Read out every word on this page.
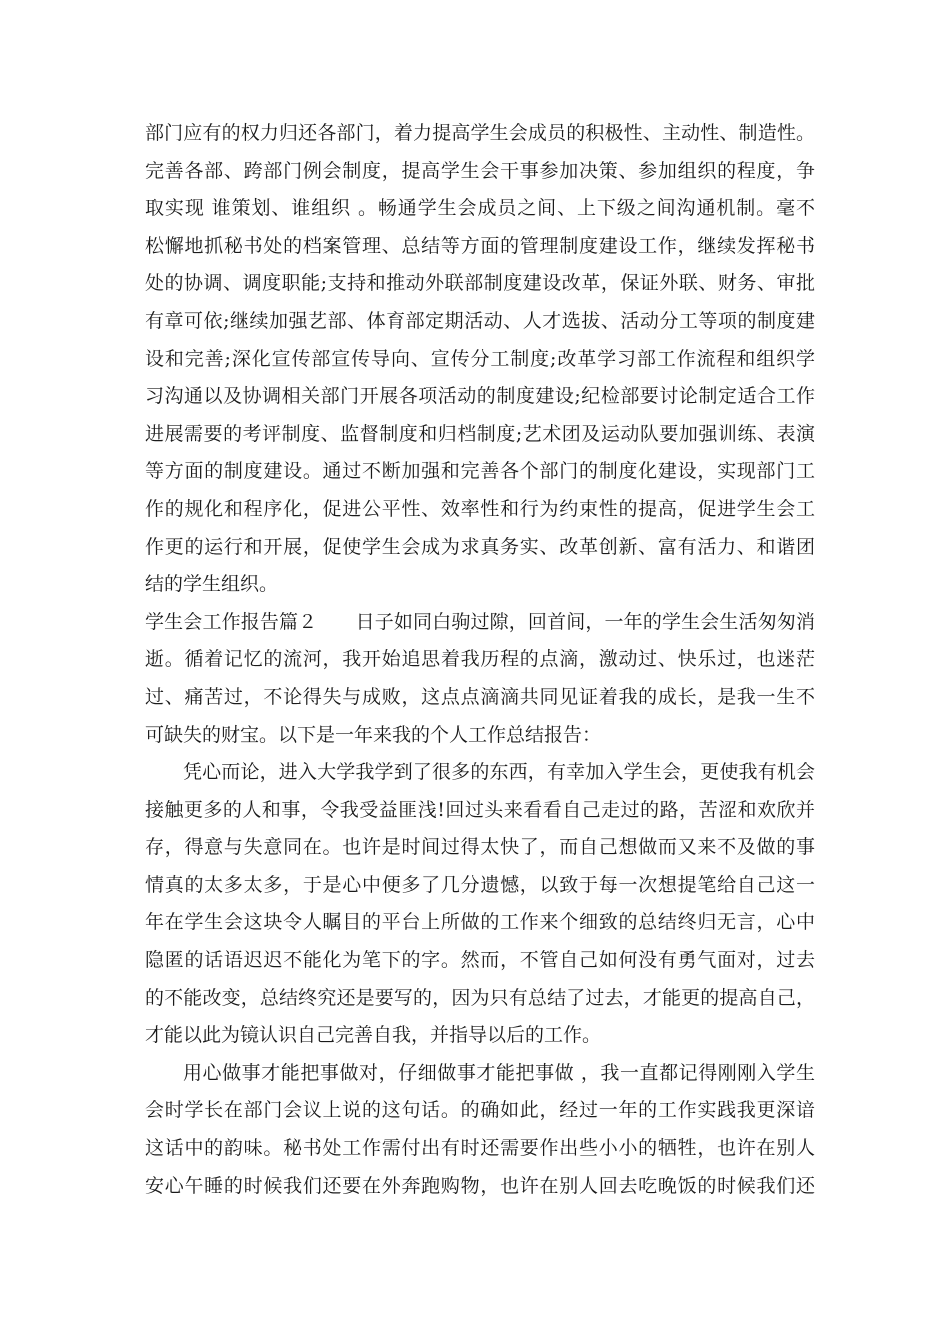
部门应有的权力归还各部门，着力提高学生会成员的积极性、主动性、制造性。
完善各部、跨部门例会制度，提高学生会干事参加决策、参加组织的程度，争
取实现 谁策划、谁组织 。畅通学生会成员之间、上下级之间沟通机制。毫不
松懈地抓秘书处的档案管理、总结等方面的管理制度建设工作，继续发挥秘书
处的协调、调度职能;支持和推动外联部制度建设改革，保证外联、财务、审批
有章可依;继续加强艺部、体育部定期活动、人才选拔、活动分工等项的制度建
设和完善;深化宣传部宣传导向、宣传分工制度;改革学习部工作流程和组织学
习沟通以及协调相关部门开展各项活动的制度建设;纪检部要讨论制定适合工作
进展需要的考评制度、监督制度和归档制度;艺术团及运动队要加强训练、表演
等方面的制度建设。通过不断加强和完善各个部门的制度化建设，实现部门工
作的规化和程序化，促进公平性、效率性和行为约束性的提高，促进学生会工
作更的运行和开展，促使学生会成为求真务实、改革创新、富有活力、和谐团
结的学生组织。
学生会工作报告篇２　　日子如同白驹过隙，回首间，一年的学生会生活匆匆消
逝。循着记忆的流河，我开始追思着我历程的点滴，激动过、快乐过，也迷茫
过、痛苦过，不论得失与成败，这点点滴滴共同见证着我的成长，是我一生不
可缺失的财宝。以下是一年来我的个人工作总结报告：
凭心而论，进入大学我学到了很多的东西，有幸加入学生会，更使我有机会
接触更多的人和事，令我受益匪浅!回过头来看看自己走过的路，苦涩和欢欣并
存，得意与失意同在。也许是时间过得太快了，而自己想做而又来不及做的事
情真的太多太多，于是心中便多了几分遗憾，以致于每一次想提笔给自己这一
年在学生会这块令人瞩目的平台上所做的工作来个细致的总结终归无言，心中
隐匿的话语迟迟不能化为笔下的字。然而，不管自己如何没有勇气面对，过去
的不能改变，总结终究还是要写的，因为只有总结了过去，才能更的提高自己，
才能以此为镜认识自己完善自我，并指导以后的工作。
用心做事才能把事做对，仔细做事才能把事做 ，我一直都记得刚刚入学生
会时学长在部门会议上说的这句话。的确如此，经过一年的工作实践我更深谙
这话中的韵味。秘书处工作需付出有时还需要作出些小小的牺牲，也许在别人
安心午睡的时候我们还要在外奔跑购物，也许在别人回去吃晚饭的时候我们还
